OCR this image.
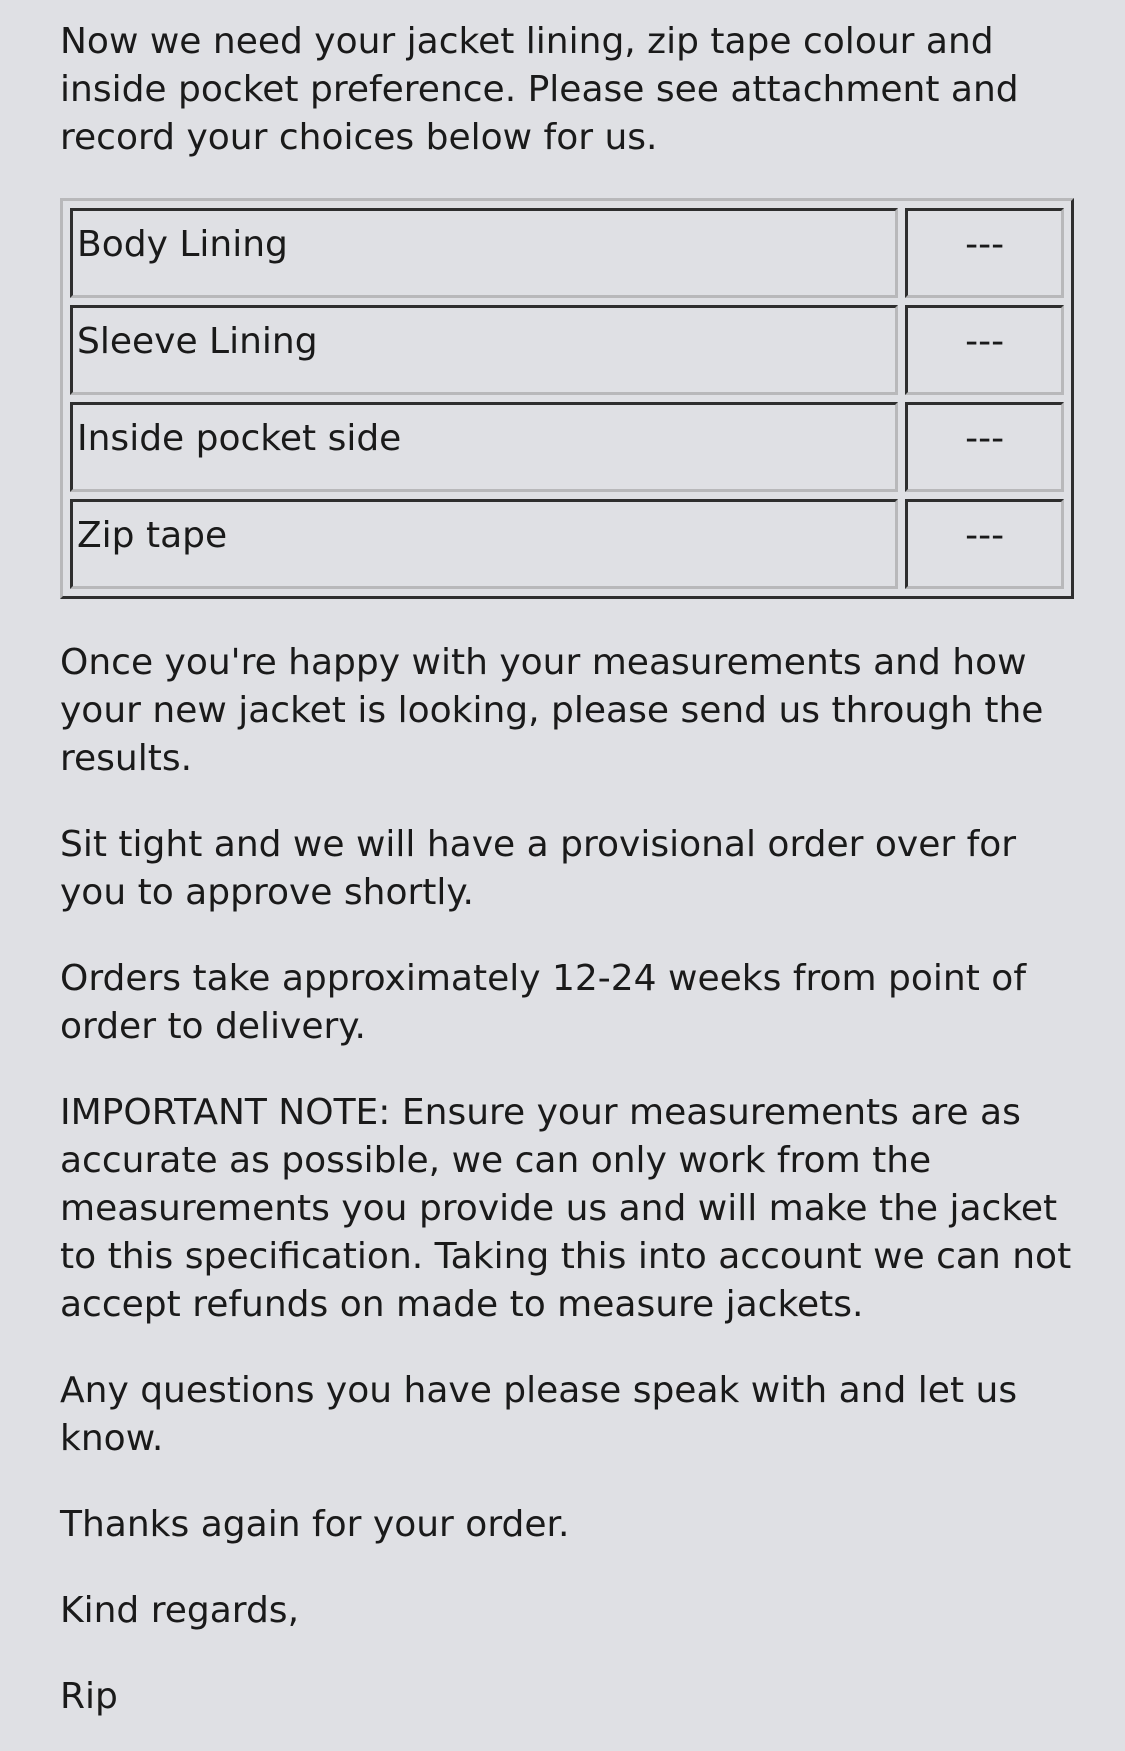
Now we need your jacket lining, zip tape colour and inside pocket preference. Please see attachment and record your choices below for us.

Body Lining	---
Sleeve Lining	---
Inside pocket side	---
Zip tape	---

Once you're happy with your measurements and how your new jacket is looking, please send us through the results.

Sit tight and we will have a provisional order over for you to approve shortly.

Orders take approximately 12-24 weeks from point of order to delivery.

IMPORTANT NOTE: Ensure your measurements are as accurate as possible, we can only work from the measurements you provide us and will make the jacket to this specification. Taking this into account we can not accept refunds on made to measure jackets.

Any questions you have please speak with and let us know.

Thanks again for your order.

Kind regards,

Rip
